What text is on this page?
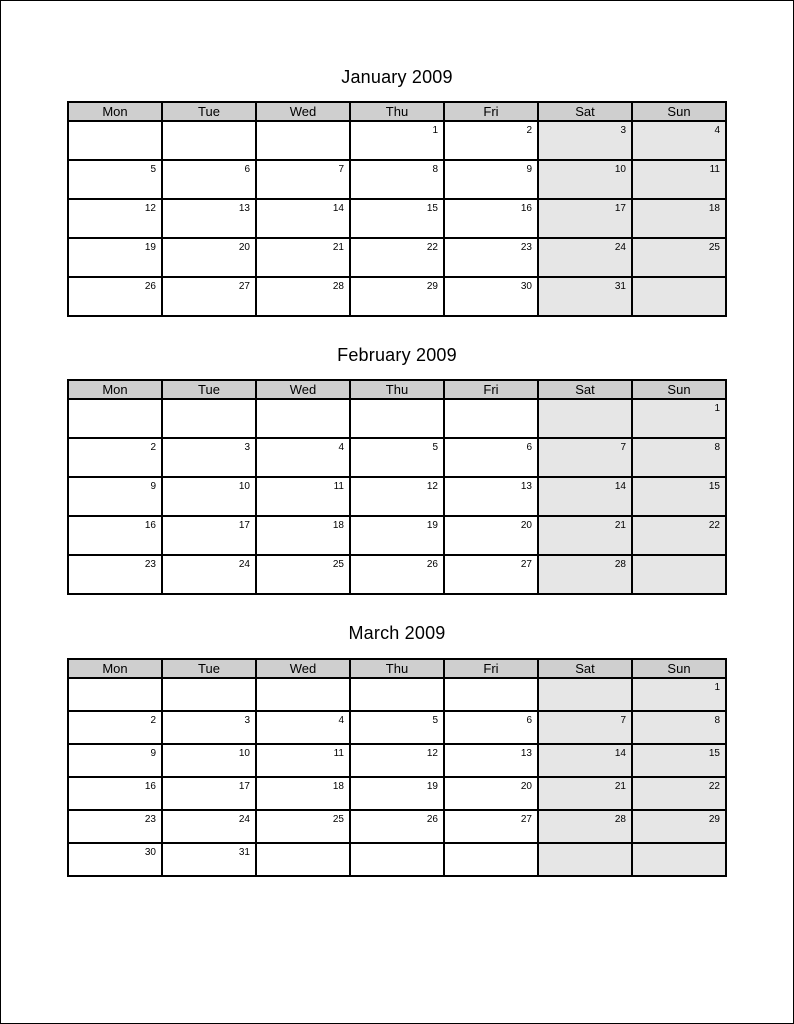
January 2009
Mon	Tue	Wed	Thu	Fri	Sat	Sun
			1	2	3	4
5	6	7	8	9	10	11
12	13	14	15	16	17	18
19	20	21	22	23	24	25
26	27	28	29	30	31	
February 2009
Mon	Tue	Wed	Thu	Fri	Sat	Sun
						1
2	3	4	5	6	7	8
9	10	11	12	13	14	15
16	17	18	19	20	21	22
23	24	25	26	27	28	
March 2009
Mon	Tue	Wed	Thu	Fri	Sat	Sun
						1
2	3	4	5	6	7	8
9	10	11	12	13	14	15
16	17	18	19	20	21	22
23	24	25	26	27	28	29
30	31					
